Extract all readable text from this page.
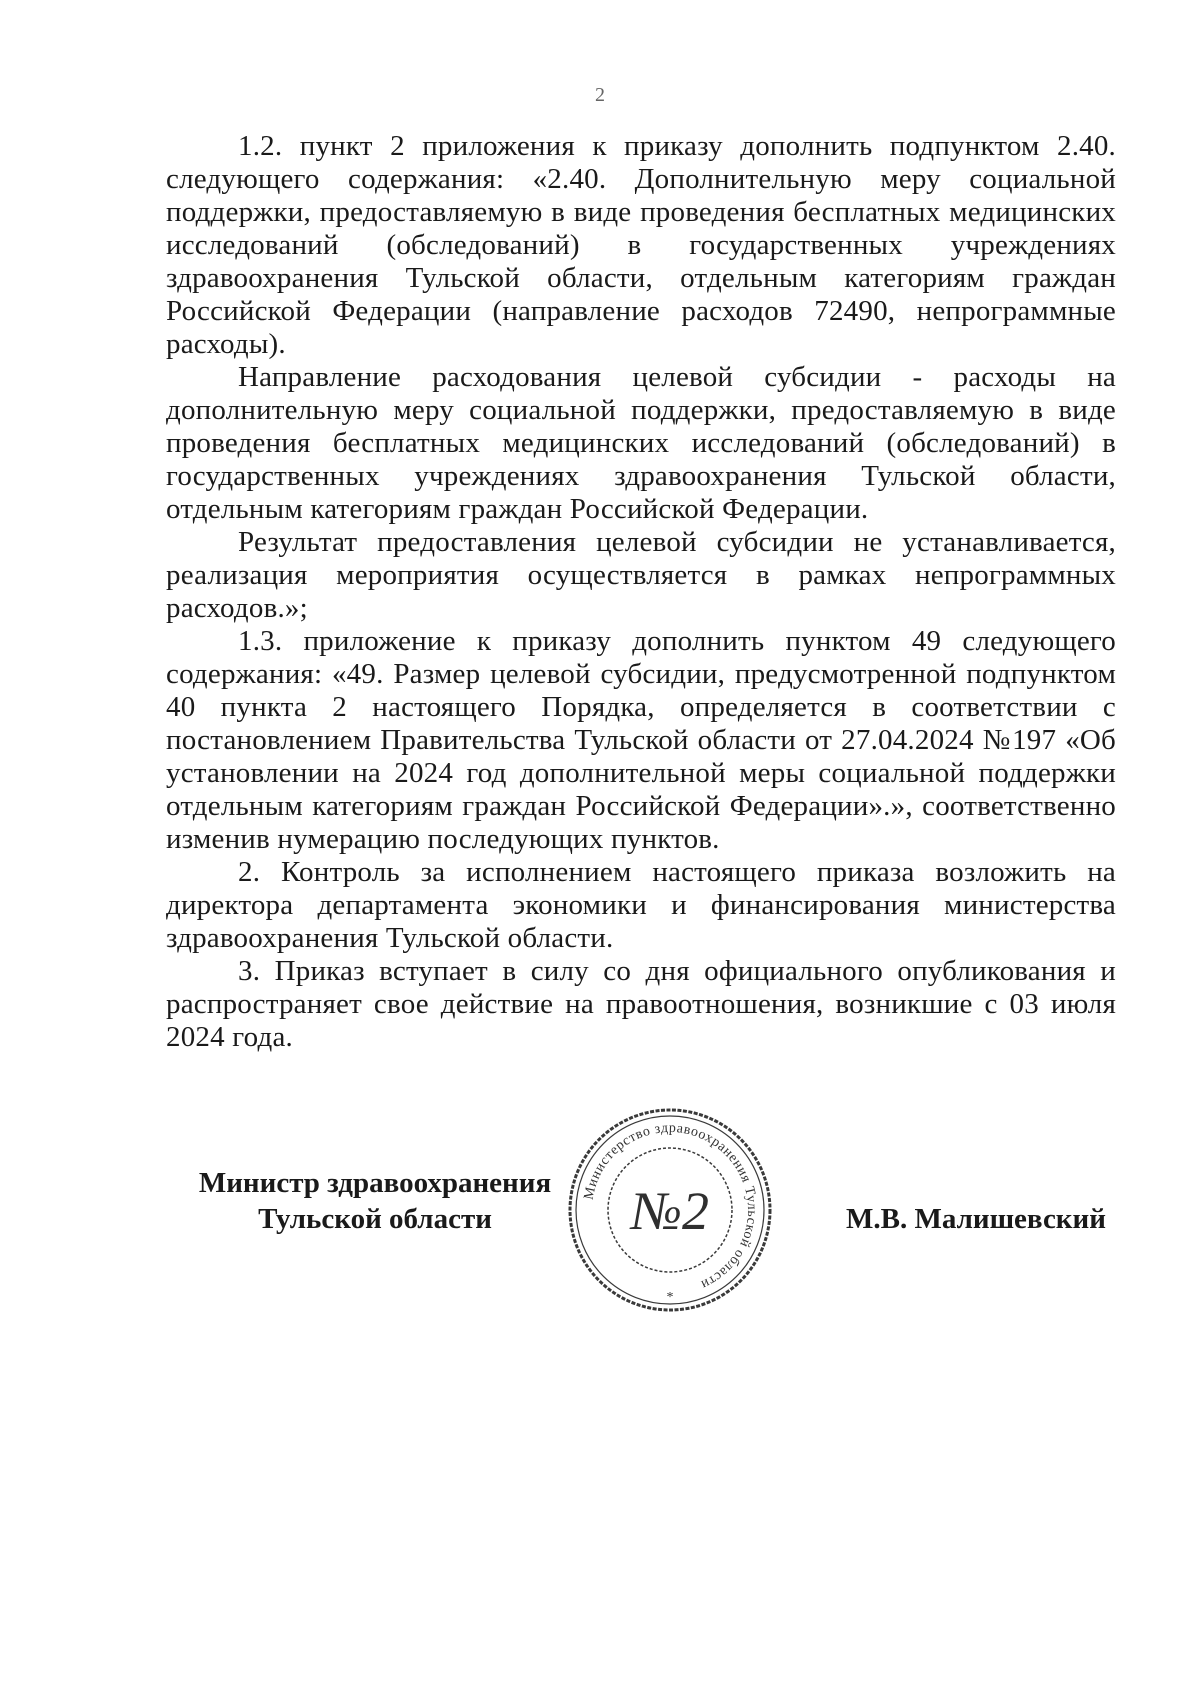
2

1.2. пункт 2 приложения к приказу дополнить подпунктом 2.40. следующего содержания: «2.40. Дополнительную меру социальной поддержки, предоставляемую в виде проведения бесплатных медицинских исследований (обследований) в государственных учреждениях здравоохранения Тульской области, отдельным категориям граждан Российской Федерации (направление расходов 72490, непрограммные расходы).

Направление расходования целевой субсидии - расходы на дополнительную меру социальной поддержки, предоставляемую в виде проведения бесплатных медицинских исследований (обследований) в государственных учреждениях здравоохранения Тульской области, отдельным категориям граждан Российской Федерации.

Результат предоставления целевой субсидии не устанавливается, реализация мероприятия осуществляется в рамках непрограммных расходов.»;

1.3. приложение к приказу дополнить пунктом 49 следующего содержания: «49. Размер целевой субсидии, предусмотренной подпунктом 40 пункта 2 настоящего Порядка, определяется в соответствии с постановлением Правительства Тульской области от 27.04.2024 №197 «Об установлении на 2024 год дополнительной меры социальной поддержки отдельным категориям граждан Российской Федерации».», соответственно изменив нумерацию последующих пунктов.

2. Контроль за исполнением настоящего приказа возложить на директора департамента экономики и финансирования министерства здравоохранения Тульской области.

3. Приказ вступает в силу со дня официального опубликования и распространяет свое действие на правоотношения, возникшие с 03 июля 2024 года.

Министр здравоохранения
Тульской области
Министерство здравоохранения Тульской области
№2
*
М.В. Малишевский
